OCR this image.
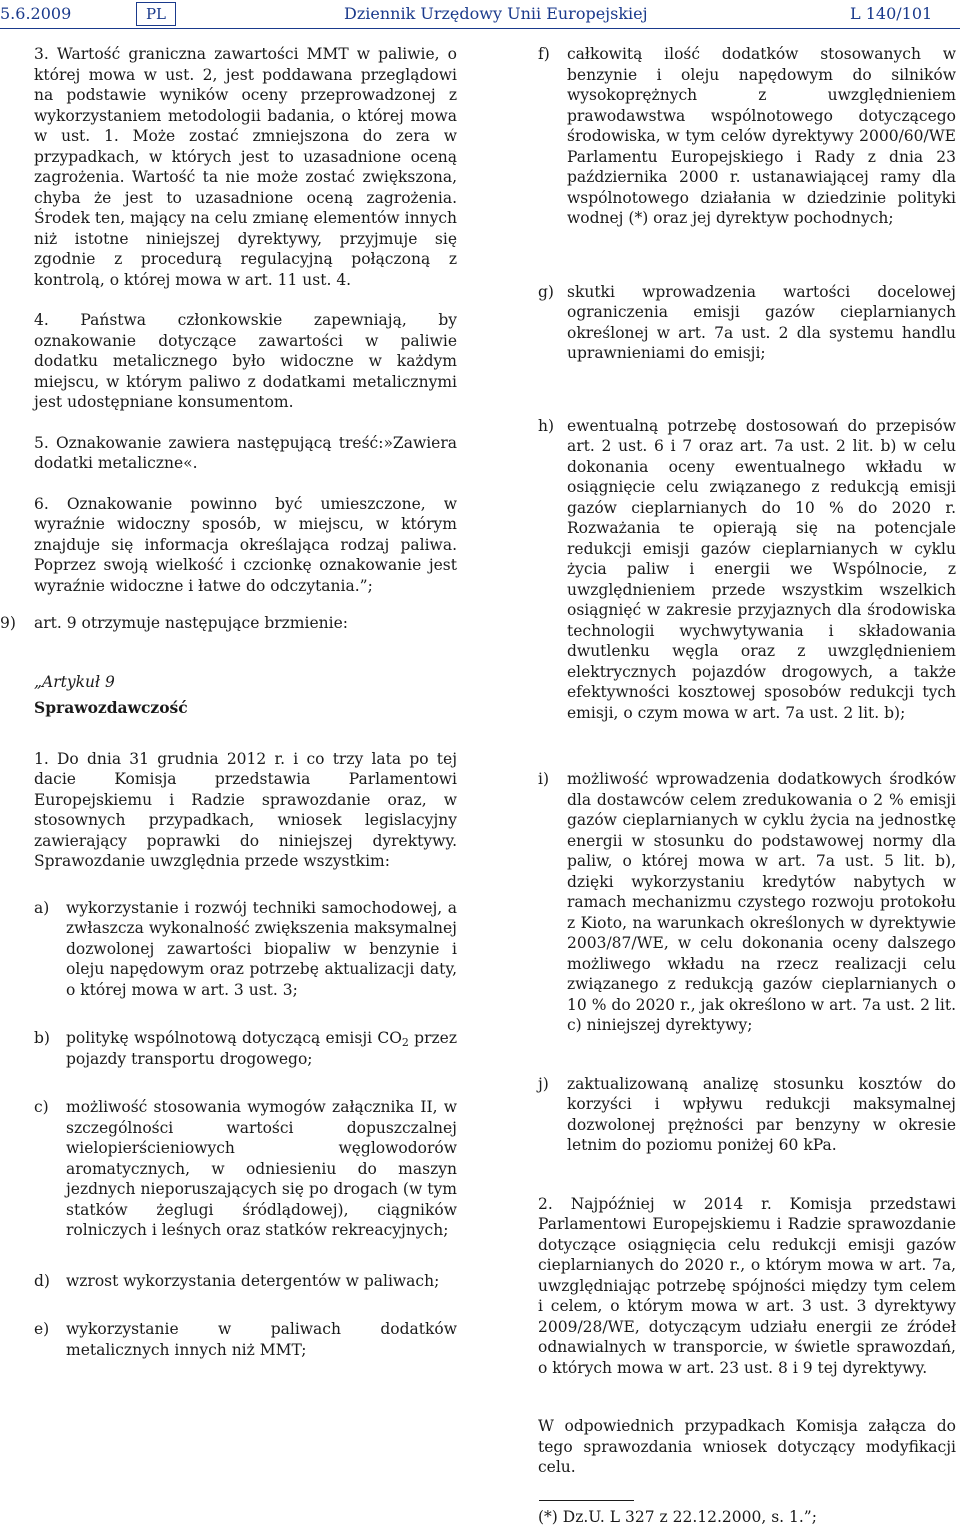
5.6.2009	PL	Dziennik Urzędowy Unii Europejskiej	L 140/101

3. Wartość graniczna zawartości MMT w paliwie, o której mowa w ust. 2, jest poddawana przeglądowi na podstawie wyników oceny przeprowadzonej z wykorzystaniem metodologii badania, o której mowa w ust. 1. Może zostać zmniejszona do zera w przypadkach, w których jest to uzasadnione oceną zagrożenia. Wartość ta nie może zostać zwiększona, chyba że jest to uzasadnione oceną zagrożenia. Środek ten, mający na celu zmianę elementów innych niż istotne niniejszej dyrektywy, przyjmuje się zgodnie z procedurą regulacyjną połączoną z kontrolą, o której mowa w art. 11 ust. 4.

4. Państwa członkowskie zapewniają, by oznakowanie dotyczące zawartości w paliwie dodatku metalicznego było widoczne w każdym miejscu, w którym paliwo z dodatkami metalicznymi jest udostępniane konsumentom.

5. Oznakowanie zawiera następującą treść:»Zawiera dodatki metaliczne«.

6. Oznakowanie powinno być umieszczone, w wyraźnie widoczny sposób, w miejscu, w którym znajduje się informacja określająca rodzaj paliwa. Poprzez swoją wielkość i czcionkę oznakowanie jest wyraźnie widoczne i łatwe do odczytania.”;

9) art. 9 otrzymuje następujące brzmienie:

„Artykuł 9

Sprawozdawczość

1. Do dnia 31 grudnia 2012 r. i co trzy lata po tej dacie Komisja przedstawia Parlamentowi Europejskiemu i Radzie sprawozdanie oraz, w stosownych przypadkach, wniosek legislacyjny zawierający poprawki do niniejszej dyrektywy. Sprawozdanie uwzględnia przede wszystkim:

a) wykorzystanie i rozwój techniki samochodowej, a zwłaszcza wykonalność zwiększenia maksymalnej dozwolonej zawartości biopaliw w benzynie i oleju napędowym oraz potrzebę aktualizacji daty, o której mowa w art. 3 ust. 3;
b) politykę wspólnotową dotyczącą emisji $CO_2$ przez pojazdy transportu drogowego;
c) możliwość stosowania wymogów załącznika II, w szczególności wartości dopuszczalnej wielopierścieniowych węglowodorów aromatycznych, w odniesieniu do maszyn jezdnych nieporuszających się po drogach (w tym statków żeglugi śródlądowej), ciągników rolniczych i leśnych oraz statków rekreacyjnych;
d) wzrost wykorzystania detergentów w paliwach;
e) wykorzystanie w paliwach dodatków metalicznych innych niż MMT;
f) całkowitą ilość dodatków stosowanych w benzynie i oleju napędowym do silników wysokoprężnych z uwzględnieniem prawodawstwa wspólnotowego dotyczącego środowiska, w tym celów dyrektywy 2000/60/WE Parlamentu Europejskiego i Rady z dnia 23 października 2000 r. ustanawiającej ramy dla wspólnotowego działania w dziedzinie polityki wodnej (*) oraz jej dyrektyw pochodnych;
g) skutki wprowadzenia wartości docelowej ograniczenia emisji gazów cieplarnianych określonej w art. 7a ust. 2 dla systemu handlu uprawnieniami do emisji;
h) ewentualną potrzebę dostosowań do przepisów art. 2 ust. 6 i 7 oraz art. 7a ust. 2 lit. b) w celu dokonania oceny ewentualnego wkładu w osiągnięcie celu związanego z redukcją emisji gazów cieplarnianych do 10 % do 2020 r. Rozważania te opierają się na potencjale redukcji emisji gazów cieplarnianych w cyklu życia paliw i energii we Wspólnocie, z uwzględnieniem przede wszystkim wszelkich osiągnięć w zakresie przyjaznych dla środowiska technologii wychwytywania i składowania dwutlenku węgla oraz z uwzględnieniem elektrycznych pojazdów drogowych, a także efektywności kosztowej sposobów redukcji tych emisji, o czym mowa w art. 7a ust. 2 lit. b);
i) możliwość wprowadzenia dodatkowych środków dla dostawców celem zredukowania o 2 % emisji gazów cieplarnianych w cyklu życia na jednostkę energii w stosunku do podstawowej normy dla paliw, o której mowa w art. 7a ust. 5 lit. b), dzięki wykorzystaniu kredytów nabytych w ramach mechanizmu czystego rozwoju protokołu z Kioto, na warunkach określonych w dyrektywie 2003/87/WE, w celu dokonania oceny dalszego możliwego wkładu na rzecz realizacji celu związanego z redukcją gazów cieplarnianych o 10 % do 2020 r., jak określono w art. 7a ust. 2 lit. c) niniejszej dyrektywy;
j) zaktualizowaną analizę stosunku kosztów do korzyści i wpływu redukcji maksymalnej dozwolonej prężności par benzyny w okresie letnim do poziomu poniżej 60 kPa.

2. Najpóźniej w 2014 r. Komisja przedstawi Parlamentowi Europejskiemu i Radzie sprawozdanie dotyczące osiągnięcia celu redukcji emisji gazów cieplarnianych do 2020 r., o którym mowa w art. 7a, uwzględniając potrzebę spójności między tym celem i celem, o którym mowa w art. 3 ust. 3 dyrektywy 2009/28/WE, dotyczącym udziału energii ze źródeł odnawialnych w transporcie, w świetle sprawozdań, o których mowa w art. 23 ust. 8 i 9 tej dyrektywy.

W odpowiednich przypadkach Komisja załącza do tego sprawozdania wniosek dotyczący modyfikacji celu.

(*) Dz.U. L 327 z 22.12.2000, s. 1.”;
